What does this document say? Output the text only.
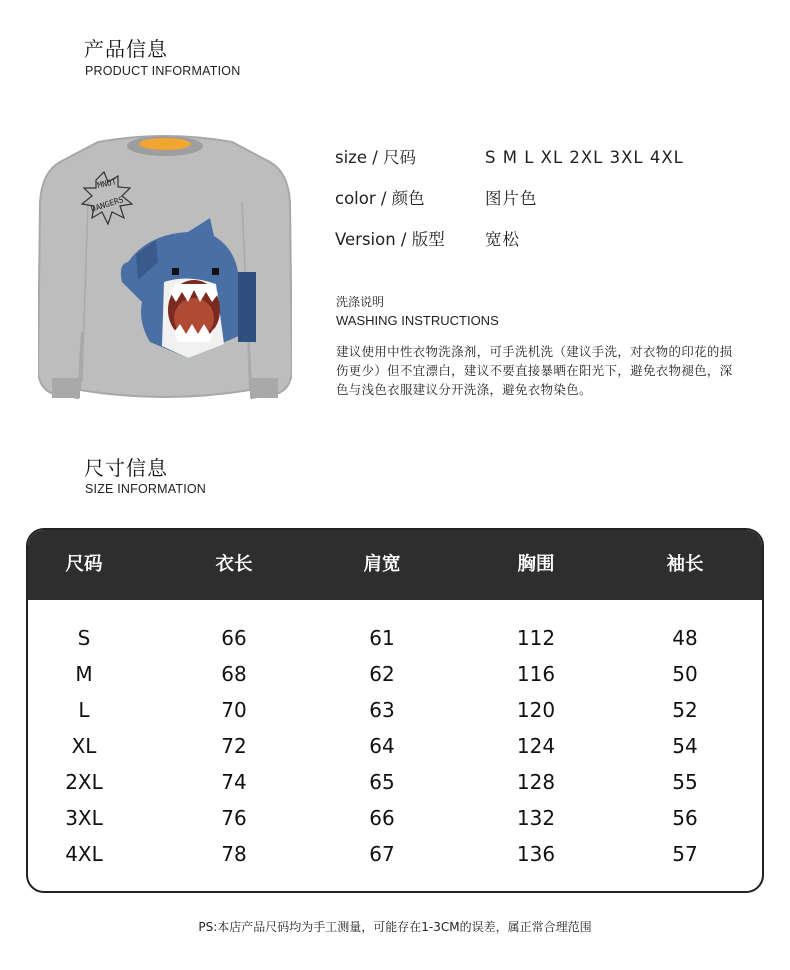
产品信息
PRODUCT INFORMATION
MNOT
DANGERS
size / 尺码	S M L XL 2XL 3XL 4XL
color / 颜色	图片色
Version / 版型 宽松
洗涤说明
WASHING INSTRUCTIONS
建议使用中性衣物洗涤剂，可手洗机洗（建议手洗，对衣物的印花的损伤更少）但不宜漂白，建议不要直接暴晒在阳光下，避免衣物褪色，深色与浅色衣服建议分开洗涤，避免衣物染色。
尺寸信息
SIZE INFORMATION
尺码	衣长	肩宽	胸围	袖长
S	66	61	112	48
M	68	62	116	50
L	70	63	120	52
XL	72	64	124	54
2XL	74	65	128	55
3XL	76	66	132	56
4XL	78	67	136	57
PS:本店产品尺码均为手工测量，可能存在1-3CM的误差，属正常合理范围
